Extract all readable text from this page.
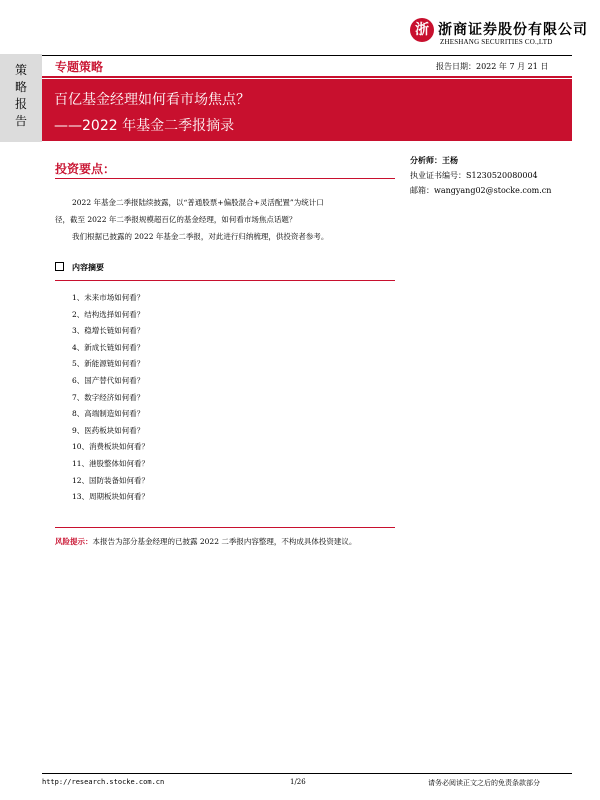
浙 浙商证券股份有限公司
ZHESHANG SECURITIES CO.,LTD
策
略
报
告
专题策略	报告日期：2022 年 7 月 21 日
百亿基金经理如何看市场焦点？
——2022 年基金二季报摘录
投资要点：
2022 年基金二季报陆续披露，以“普通股票+偏股混合+灵活配置”为统计口
径，截至 2022 年二季报规模超百亿的基金经理，如何看市场焦点话题？
我们根据已披露的 2022 年基金二季报，对此进行归纳梳理，供投资者参考。
分析师：王杨
执业证书编号：S1230520080004
邮箱：wangyang02@stocke.com.cn
内容摘要
1、未来市场如何看？
2、结构选择如何看？
3、稳增长链如何看？
4、新成长链如何看？
5、新能源链如何看？
6、国产替代如何看？
7、数字经济如何看？
8、高端制造如何看？
9、医药板块如何看？
10、消费板块如何看？
11、港股整体如何看？
12、国防装备如何看？
13、周期板块如何看？
风险提示：本报告为部分基金经理的已披露 2022 二季报内容整理，不构成具体投资建议。
http://research.stocke.com.cn	1/26	请务必阅读正文之后的免责条款部分
